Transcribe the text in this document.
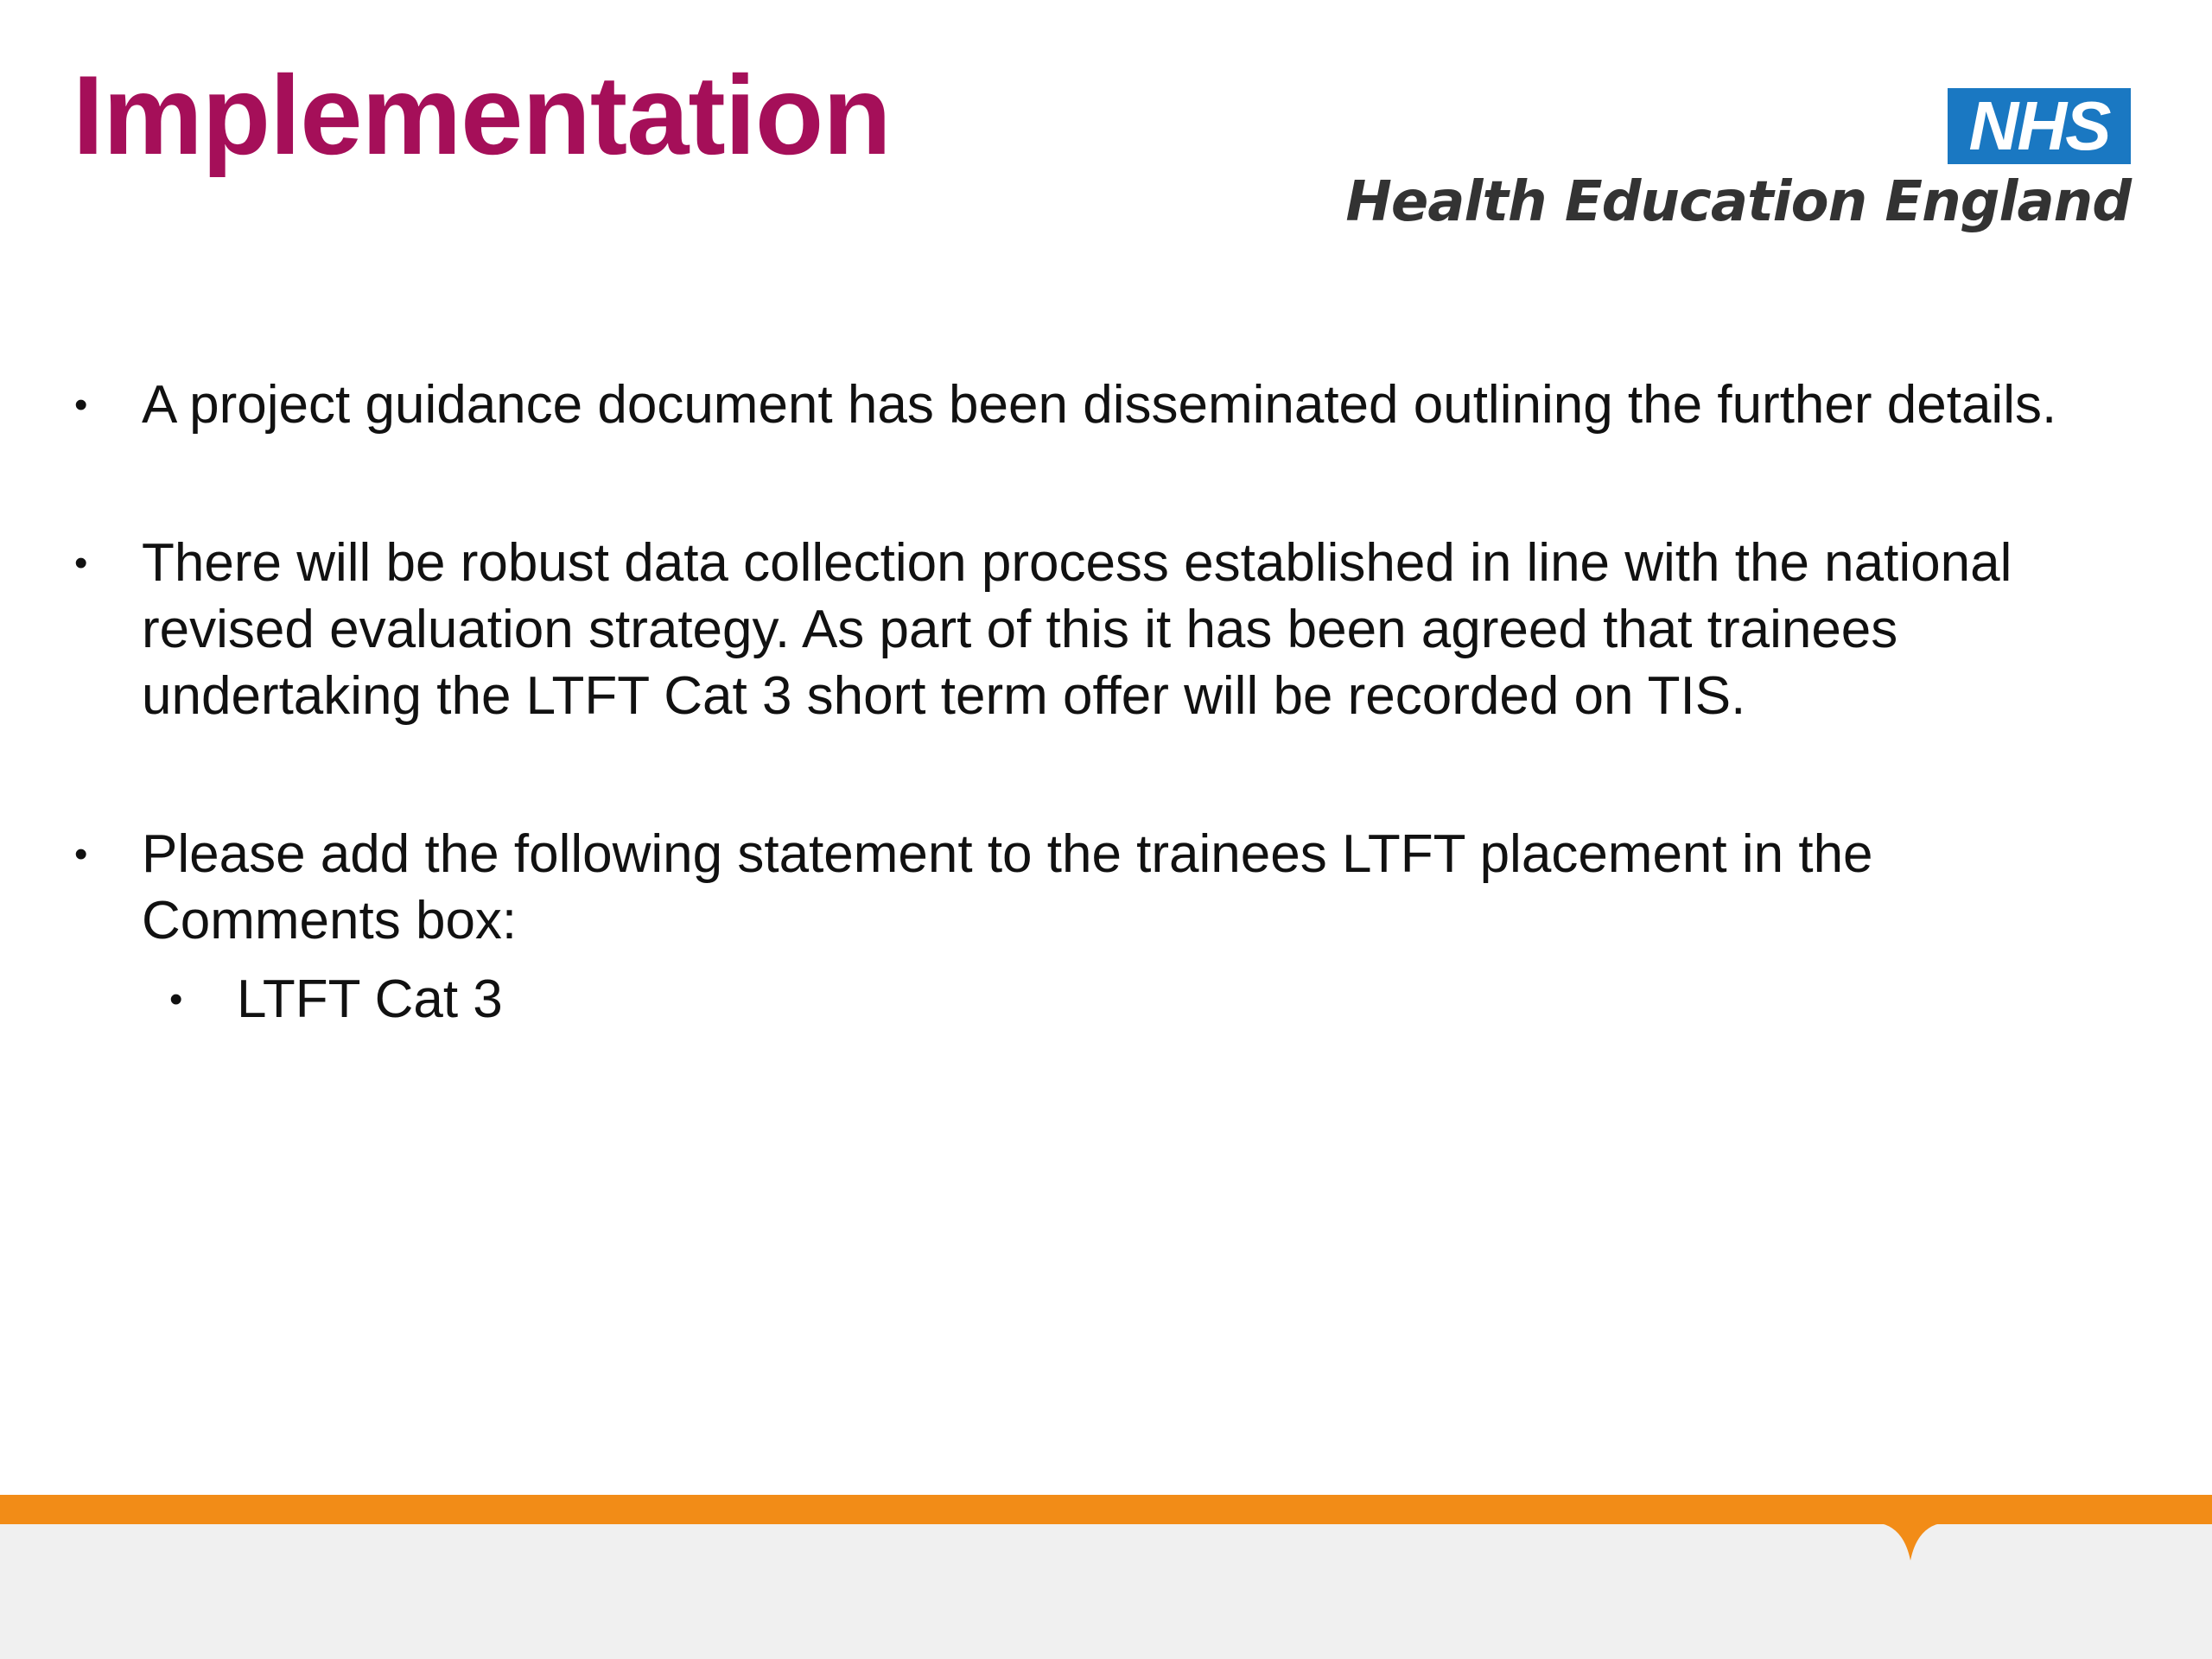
Implementation	NHS
Health Education England
• A project guidance document has been disseminated outlining the further details.
• There will be robust data collection process established in line with the national revised evaluation strategy. As part of this it has been agreed that trainees undertaking the LTFT Cat 3 short term offer will be recorded on TIS.
• Please add the following statement to the trainees LTFT placement in the Comments box:
• LTFT Cat 3
